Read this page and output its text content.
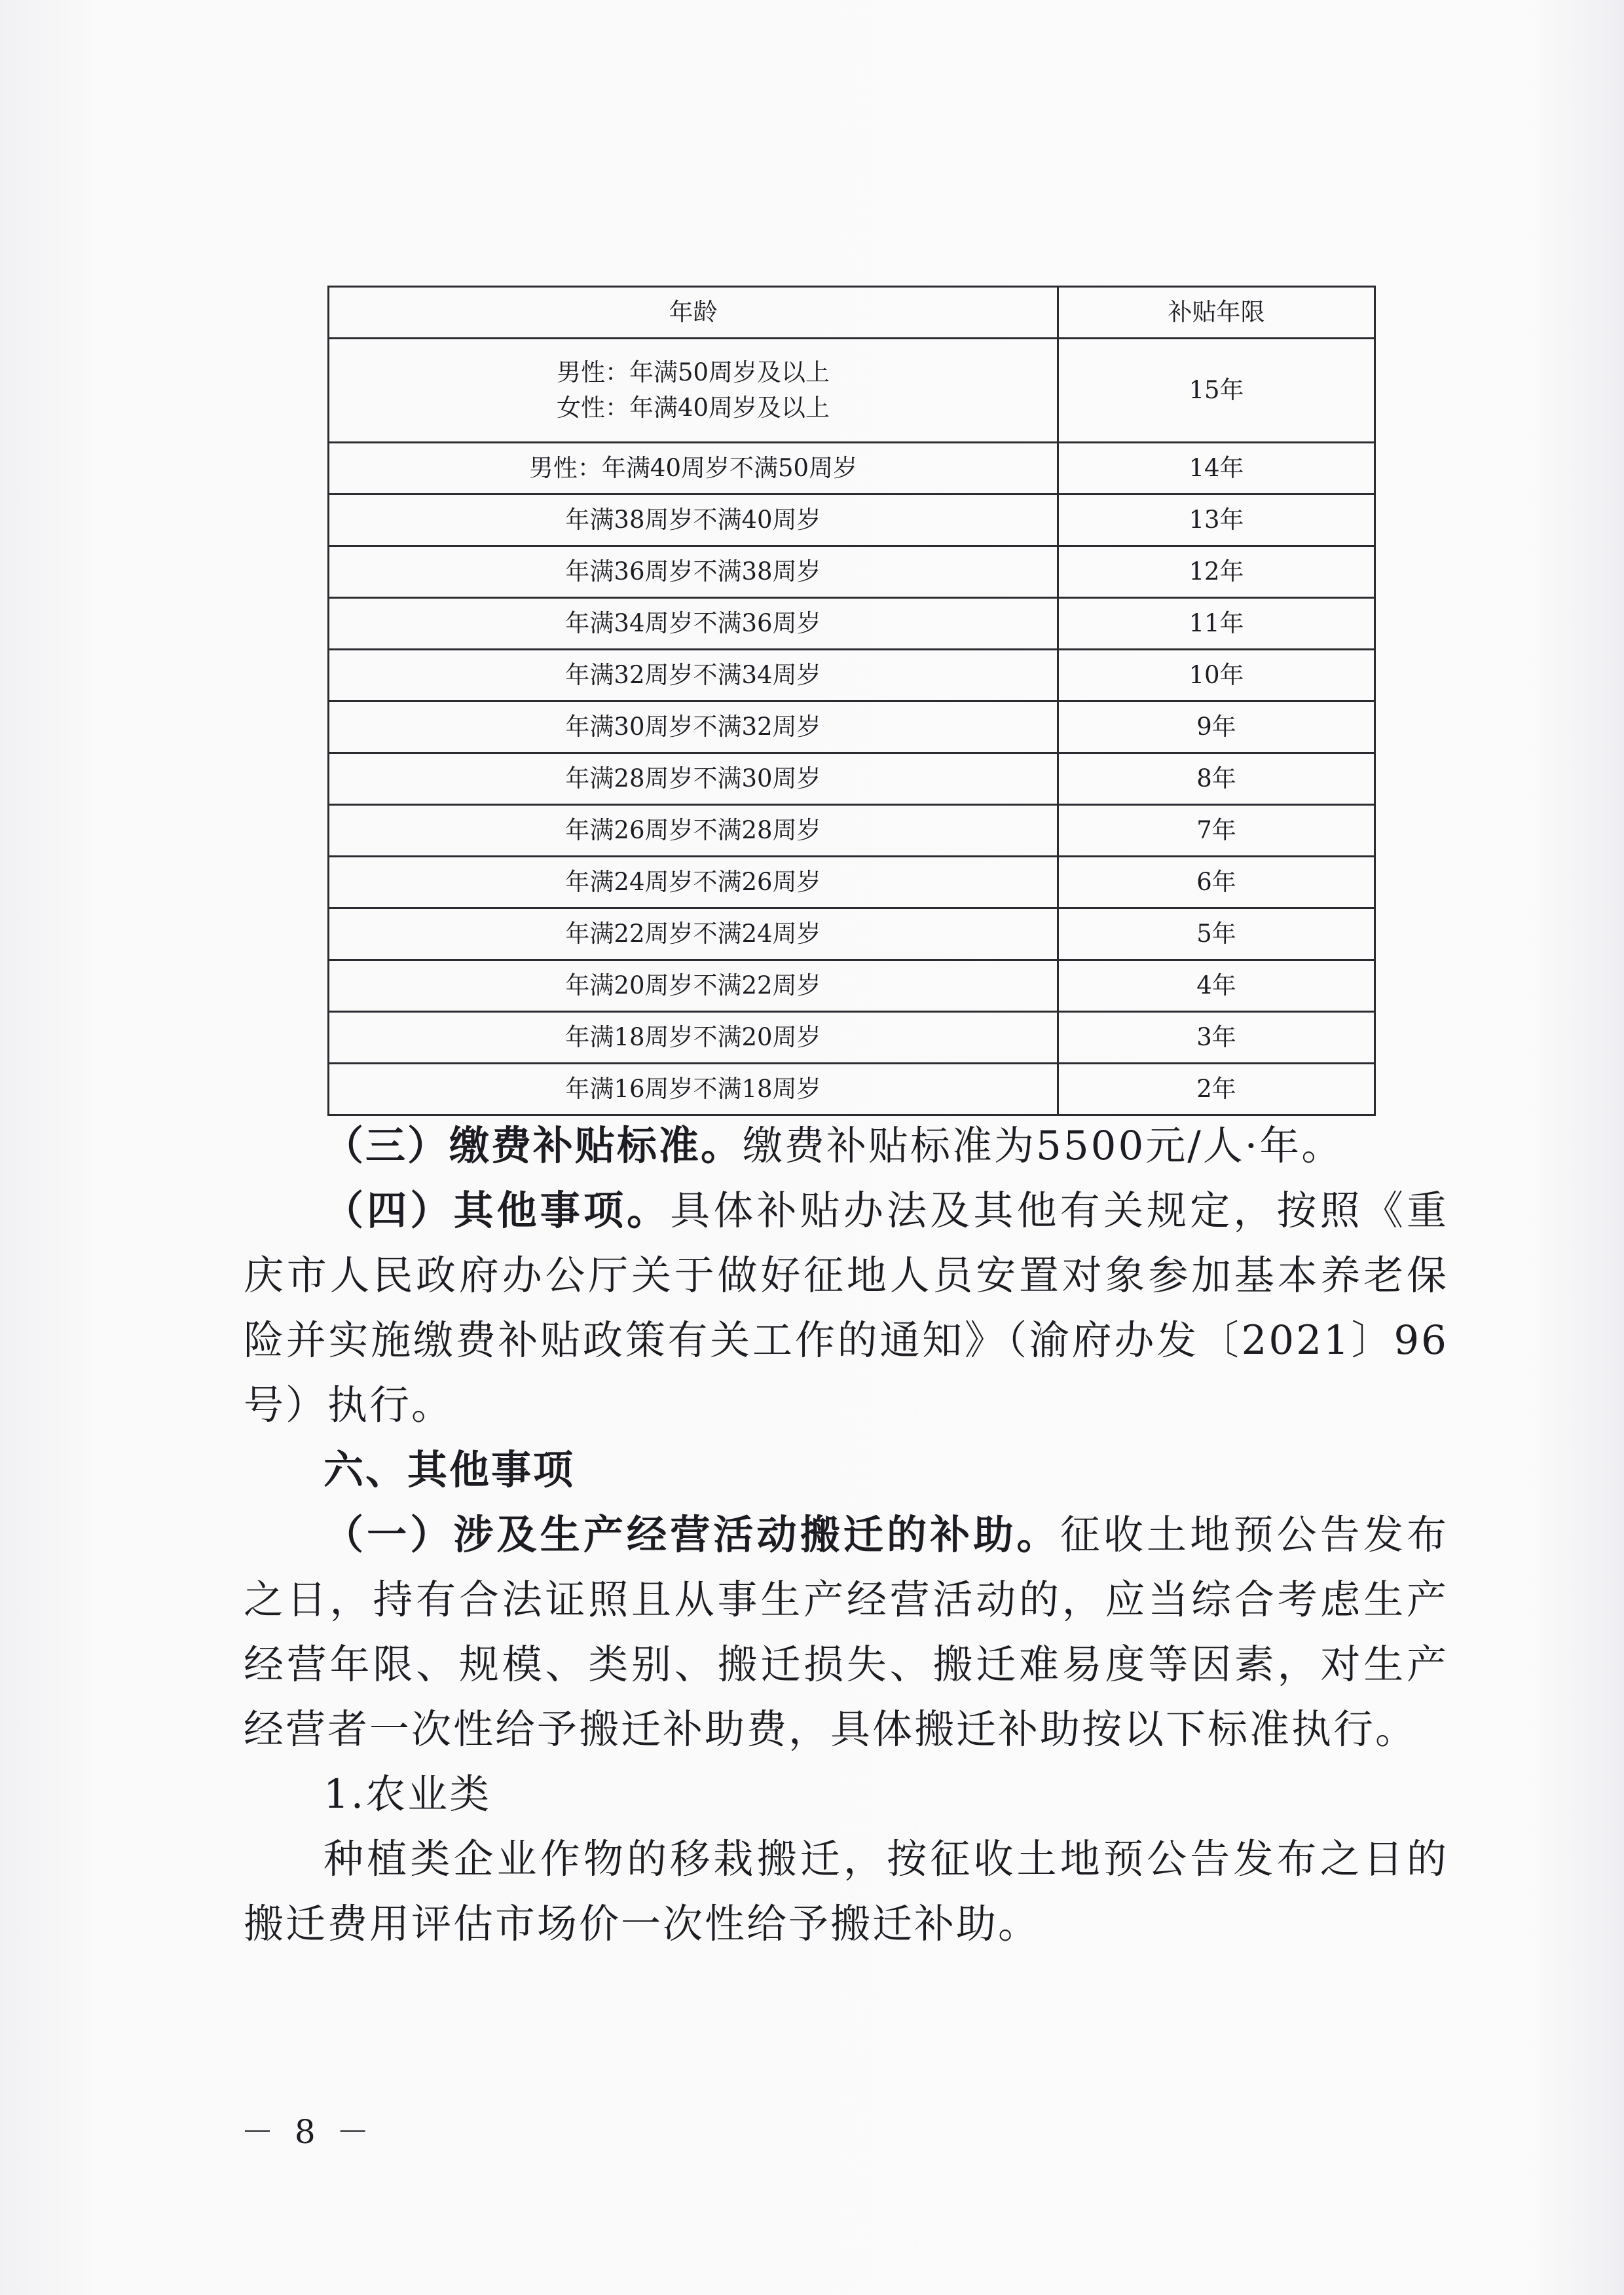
年龄	补贴年限

男性：年满50周岁及以上
女性：年满40周岁及以上	15年
男性：年满40周岁不满50周岁	14年
年满38周岁不满40周岁	13年
年满36周岁不满38周岁	12年
年满34周岁不满36周岁	11年
年满32周岁不满34周岁	10年
年满30周岁不满32周岁	9年
年满28周岁不满30周岁	8年
年满26周岁不满28周岁	7年
年满24周岁不满26周岁	6年
年满22周岁不满24周岁	5年
年满20周岁不满22周岁	4年
年满18周岁不满20周岁	3年
年满16周岁不满18周岁	2年

（三）缴费补贴标准。缴费补贴标准为5500元/人·年。

（四）其他事项。具体补贴办法及其他有关规定，按照《重庆市人民政府办公厅关于做好征地人员安置对象参加基本养老保险并实施缴费补贴政策有关工作的通知》（渝府办发〔2021〕96号）执行。

六、其他事项

（一）涉及生产经营活动搬迁的补助。征收土地预公告发布之日，持有合法证照且从事生产经营活动的，应当综合考虑生产经营年限、规模、类别、搬迁损失、搬迁难易度等因素，对生产经营者一次性给予搬迁补助费，具体搬迁补助按以下标准执行。

1.农业类

种植类企业作物的移栽搬迁，按征收土地预公告发布之日的搬迁费用评估市场价一次性给予搬迁补助。

－ 8 －
